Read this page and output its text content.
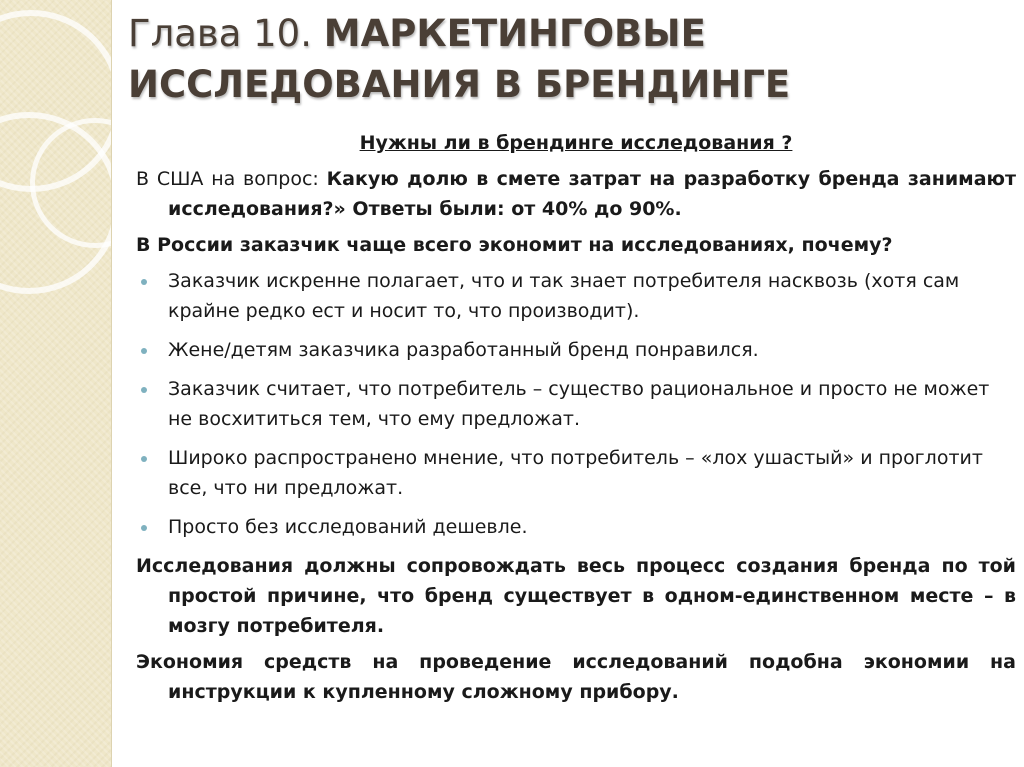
Глава 10. МАРКЕТИНГОВЫЕ ИССЛЕДОВАНИЯ В БРЕНДИНГЕ

Нужны ли в брендинге исследования ?

В США на вопрос: Какую долю в смете затрат на разработку бренда занимают исследования?» Ответы были: от 40% до 90%.

В России заказчик чаще всего экономит на исследованиях, почему?

Заказчик искренне полагает, что и так знает потребителя насквозь (хотя сам крайне редко ест и носит то, что производит).
Жене/детям заказчика разработанный бренд понравился.
Заказчик считает, что потребитель – существо рациональное и просто не может не восхититься тем, что ему предложат.
Широко распространено мнение, что потребитель – «лох ушастый» и проглотит все, что ни предложат.
Просто без исследований дешевле.

Исследования должны сопровождать весь процесс создания бренда по той простой причине, что бренд существует в одном-единственном месте – в мозгу потребителя.

Экономия средств на проведение исследований подобна экономии на инструкции к купленному сложному прибору.
